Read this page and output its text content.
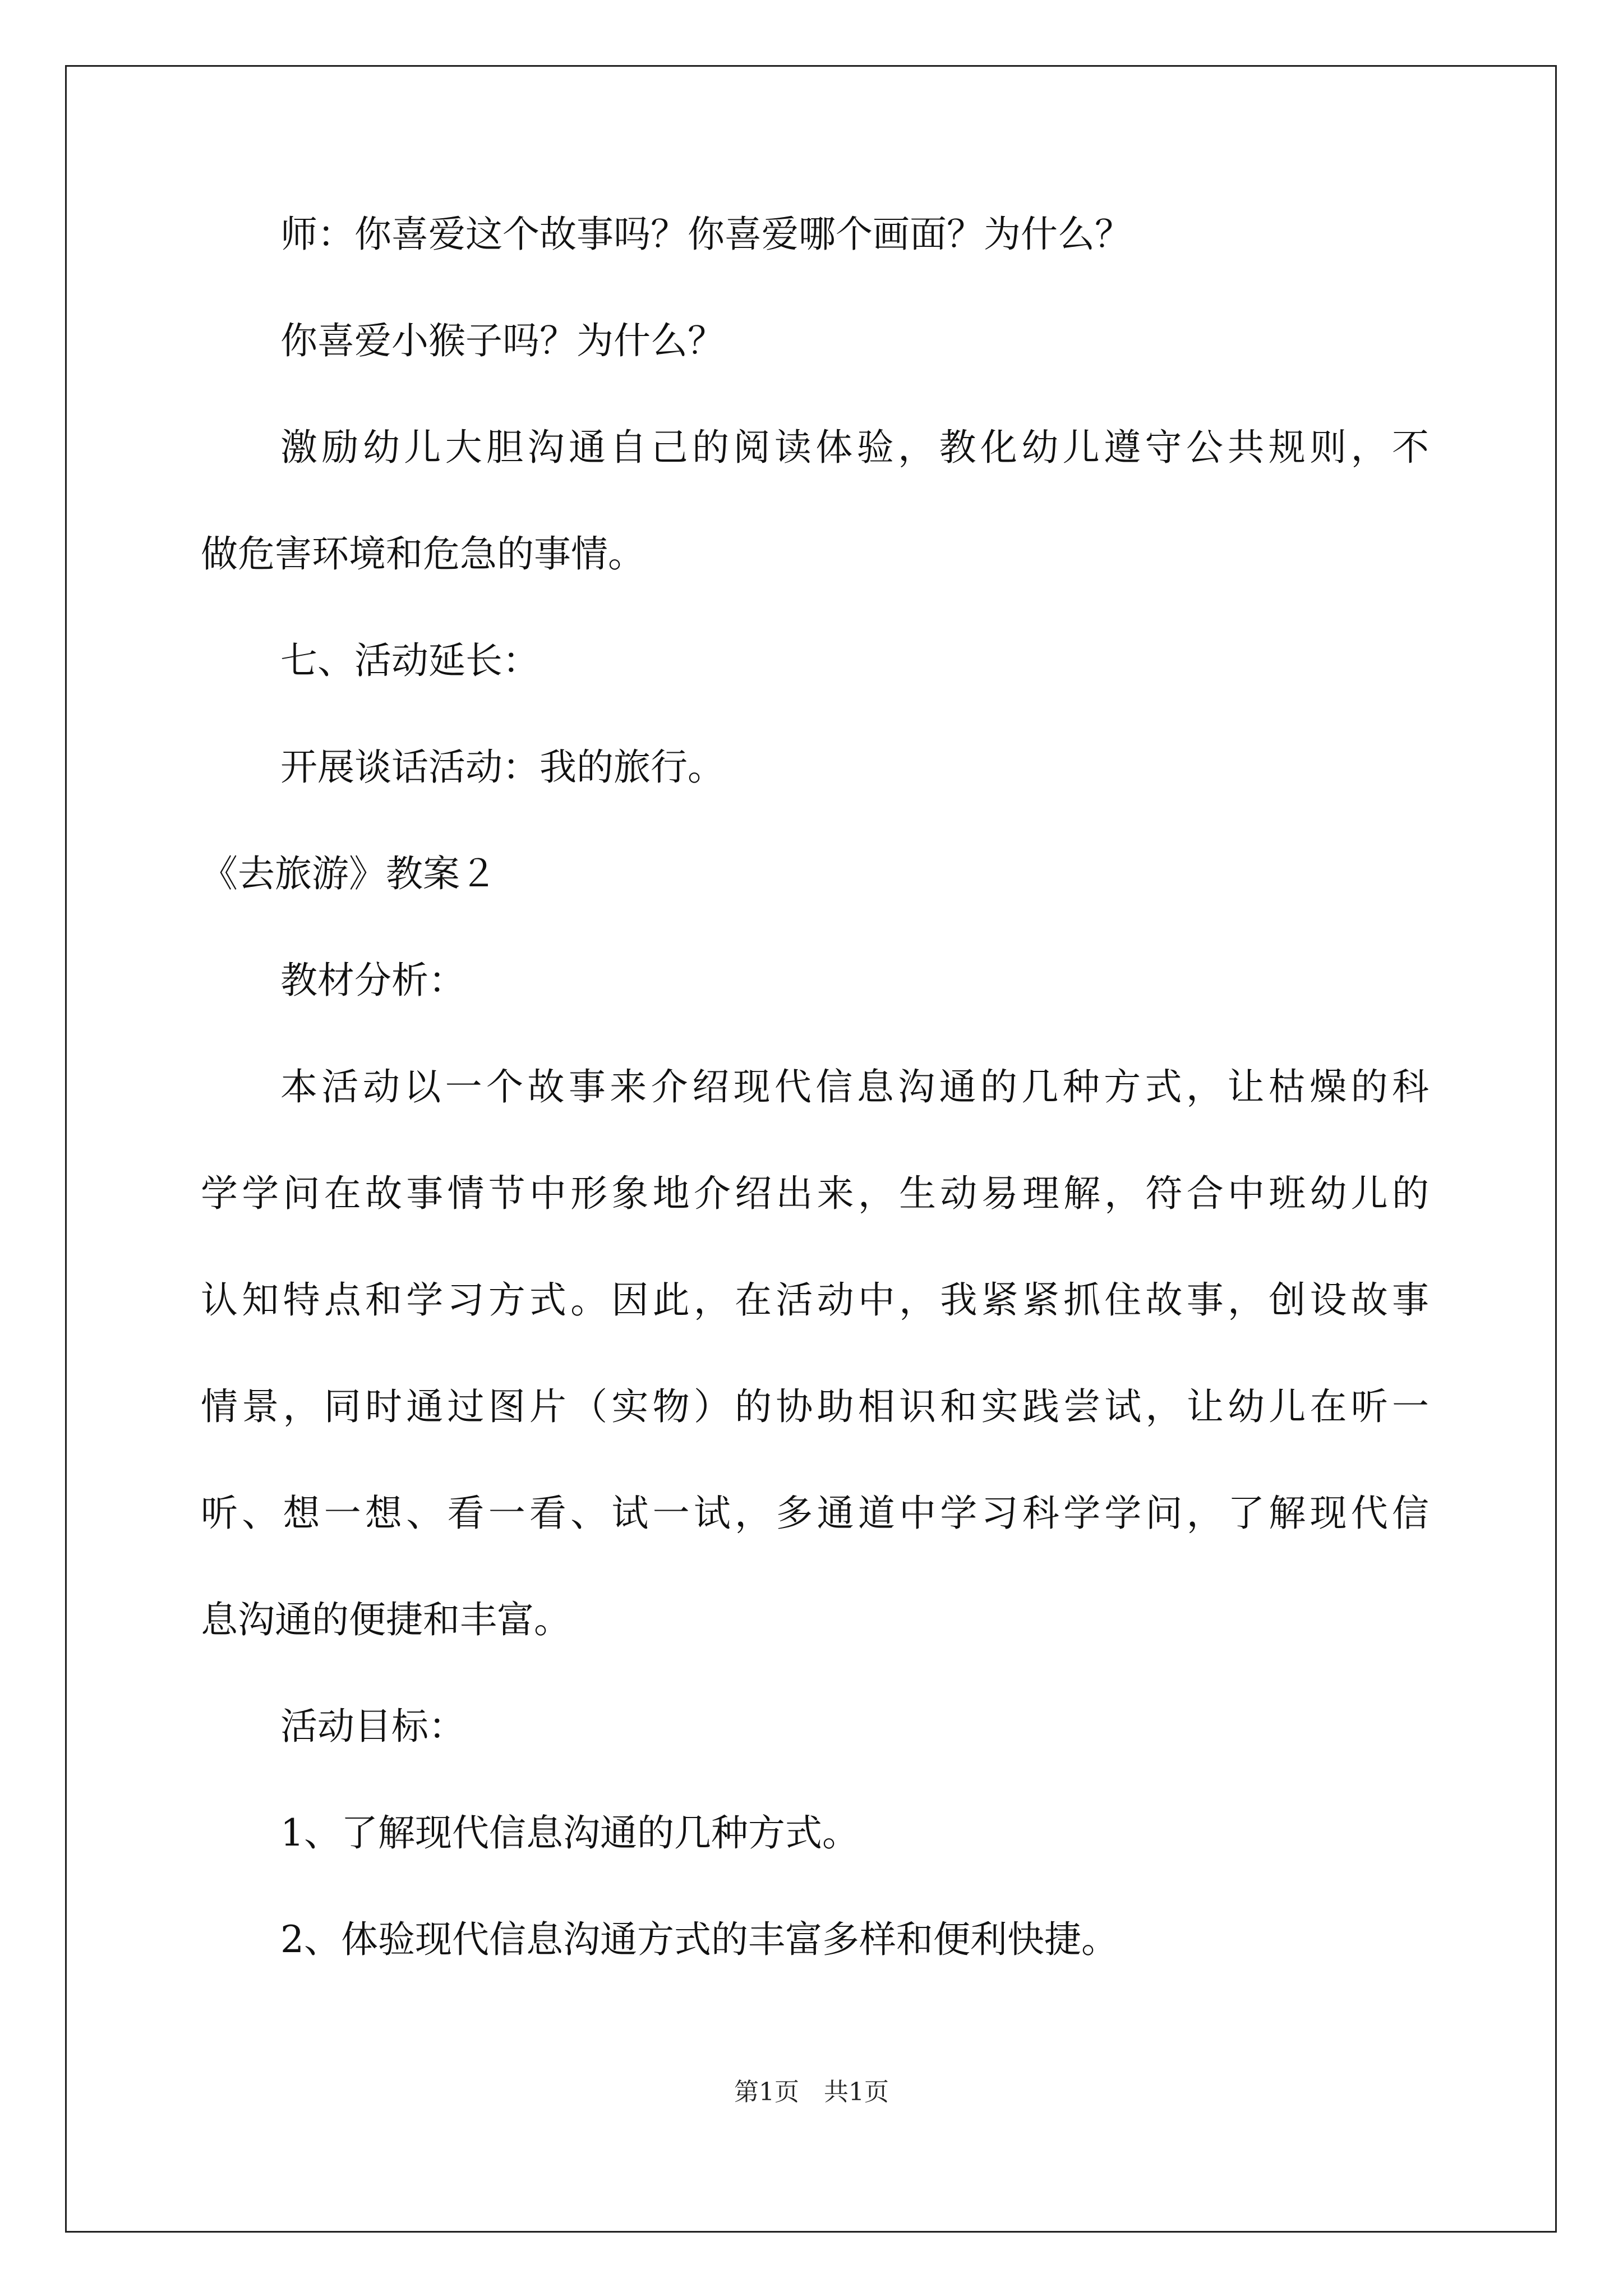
师：你喜爱这个故事吗？你喜爱哪个画面？为什么？
你喜爱小猴子吗？为什么？
激励幼儿大胆沟通自己的阅读体验，教化幼儿遵守公共规则，不
做危害环境和危急的事情。
七、活动延长：
开展谈话活动：我的旅行。
《去旅游》教案２
教材分析：
本活动以一个故事来介绍现代信息沟通的几种方式，让枯燥的科
学学问在故事情节中形象地介绍出来，生动易理解，符合中班幼儿的
认知特点和学习方式。因此，在活动中，我紧紧抓住故事，创设故事
情景，同时通过图片（实物）的协助相识和实践尝试，让幼儿在听一
听、想一想、看一看、试一试，多通道中学习科学学问，了解现代信
息沟通的便捷和丰富。
活动目标：
1、了解现代信息沟通的几种方式。
2、体验现代信息沟通方式的丰富多样和便利快捷。
第1页　共1页
